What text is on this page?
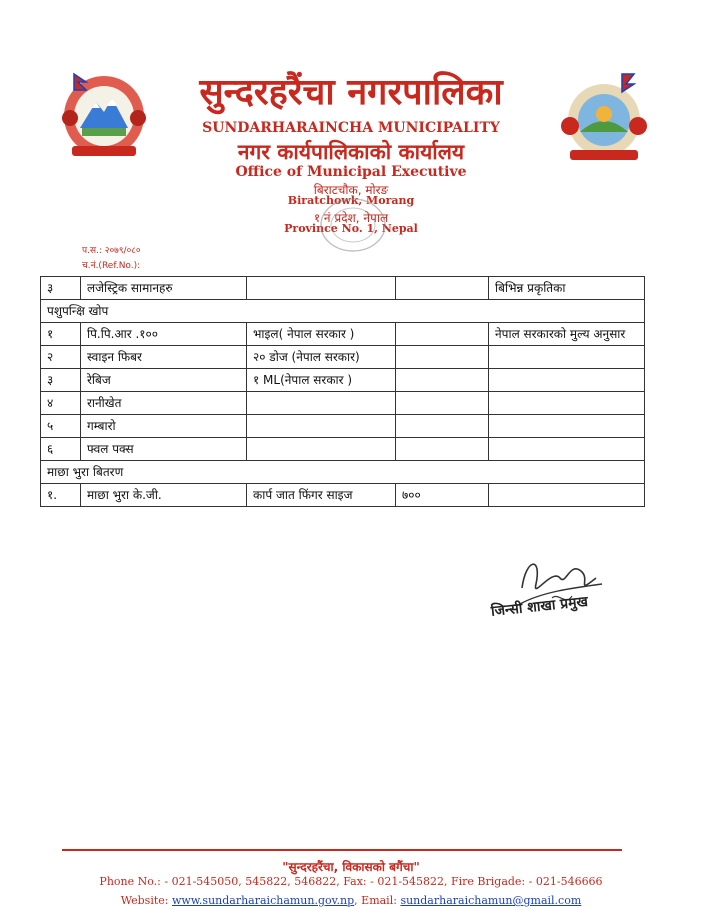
सुन्दरहरैंचा नगरपालिका
SUNDARHARAINCHA MUNICIPALITY
नगर कार्यपालिकाको कार्यालय
Office of Municipal Executive
बिराटचौक, मोरङ
Biratchowk, Morang
१ नं प्रदेश, नेपाल
Province No. 1, Nepal
प.स.: २०७९/०८०
च.नं.(Ref.No.):
३	लजेस्ट्रिक सामानहरु			बिभिन्न प्रकृतिका
पशुपन्क्षि खोप				
१	पि.पि.आर .१००	भाइल( नेपाल सरकार )		नेपाल सरकारको मुल्य अनुसार
२	स्वाइन फिबर	२० डोज (नेपाल सरकार)		
३	रेबिज	१ ML(नेपाल सरकार )		
४	रानीखेत			
५	गम्बारो			
६	फ्वल पक्स			
माछा भुरा बितरण				
१.	माछा भुरा के.जी.	कार्प जात फिंगर साइज	७००	
जिन्सी शाखा प्रमुख
"सुन्दरहरैंचा, विकासको बगैंचा"
Phone No.: - 021-545050, 545822, 546822, Fax: - 021-545822, Fire Brigade: - 021-546666
Website: www.sundarharaichamun.gov.np, Email: sundarharaichamun@gmail.com
